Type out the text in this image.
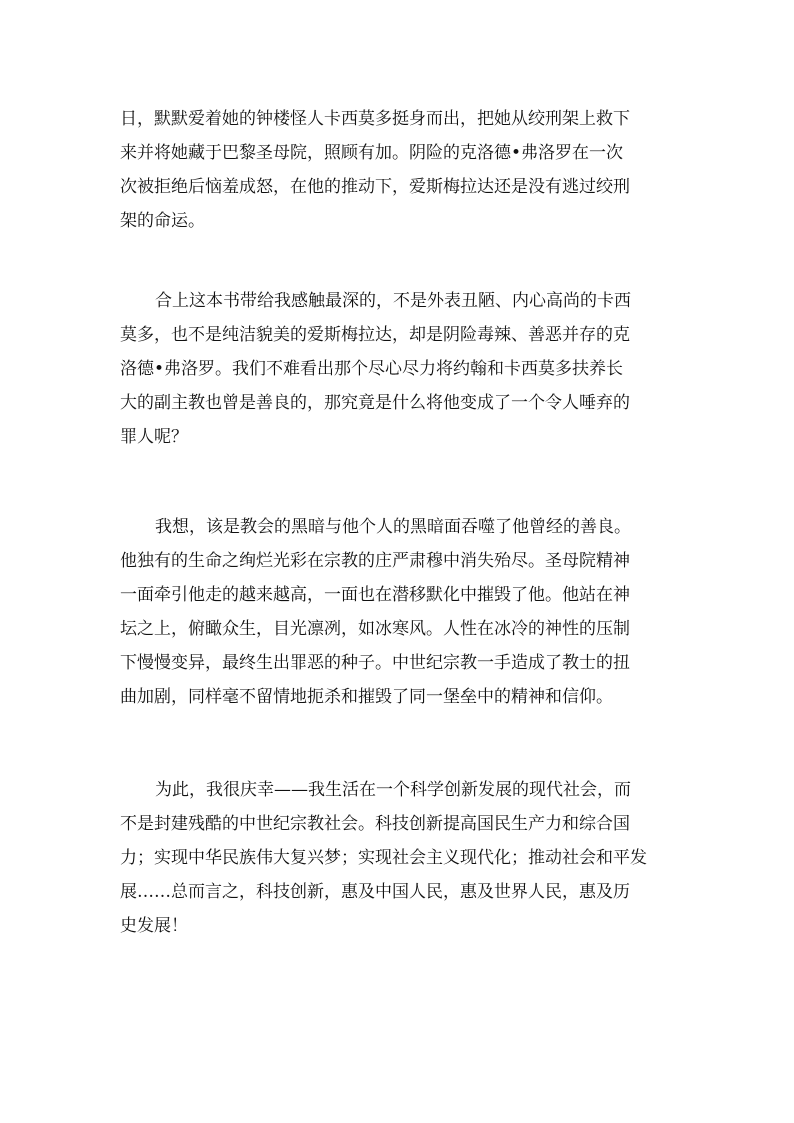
日，默默爱着她的钟楼怪人卡西莫多挺身而出，把她从绞刑架上救下
来并将她藏于巴黎圣母院，照顾有加。阴险的克洛德•弗洛罗在一次
次被拒绝后恼羞成怒，在他的推动下，爱斯梅拉达还是没有逃过绞刑
架的命运。
合上这本书带给我感触最深的，不是外表丑陋、内心高尚的卡西
莫多，也不是纯洁貌美的爱斯梅拉达，却是阴险毒辣、善恶并存的克
洛德•弗洛罗。我们不难看出那个尽心尽力将约翰和卡西莫多扶养长
大的副主教也曾是善良的，那究竟是什么将他变成了一个令人唾弃的
罪人呢？
我想，该是教会的黑暗与他个人的黑暗面吞噬了他曾经的善良。
他独有的生命之绚烂光彩在宗教的庄严肃穆中消失殆尽。圣母院精神
一面牵引他走的越来越高，一面也在潜移默化中摧毁了他。他站在神
坛之上，俯瞰众生，目光凛冽，如冰寒风。人性在冰冷的神性的压制
下慢慢变异，最终生出罪恶的种子。中世纪宗教一手造成了教士的扭
曲加剧，同样毫不留情地扼杀和摧毁了同一堡垒中的精神和信仰。
为此，我很庆幸——我生活在一个科学创新发展的现代社会，而
不是封建残酷的中世纪宗教社会。科技创新提高国民生产力和综合国
力；实现中华民族伟大复兴梦；实现社会主义现代化；推动社会和平发
展……总而言之，科技创新，惠及中国人民，惠及世界人民，惠及历
史发展！
